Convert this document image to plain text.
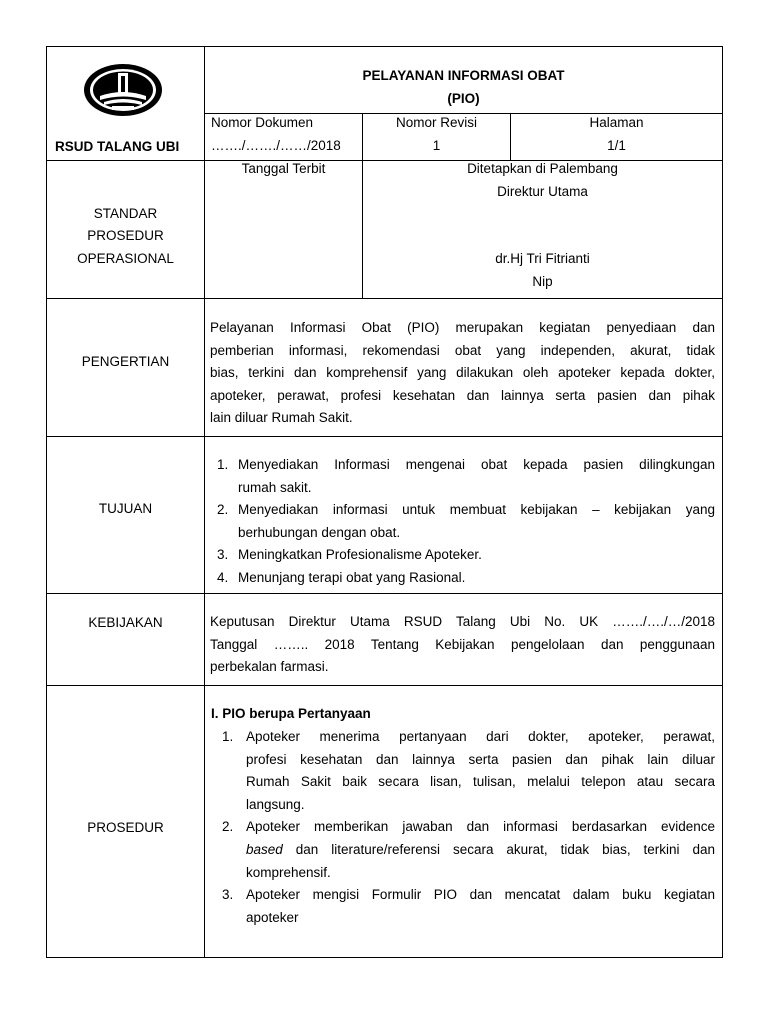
RSUD TALANG UBI
PELAYANAN INFORMASI OBAT
(PIO)
Nomor Dokumen
……./……./……/2018
Nomor Revisi
1
Halaman
1/1
STANDAR
PROSEDUR
OPERASIONAL
Tanggal Terbit	Ditetapkan di Palembang
Direktur Utama
dr.Hj Tri Fitrianti
Nip
PENGERTIAN
Pelayanan Informasi Obat (PIO) merupakan kegiatan penyediaan dan
pemberian informasi, rekomendasi obat yang independen, akurat, tidak
bias, terkini dan komprehensif yang dilakukan oleh apoteker kepada dokter,
apoteker, perawat, profesi kesehatan dan lainnya serta pasien dan pihak
lain diluar Rumah Sakit.
TUJUAN
1. Menyediakan Informasi mengenai obat kepada pasien dilingkungan
rumah sakit.
2. Menyediakan informasi untuk membuat kebijakan – kebijakan yang
berhubungan dengan obat.
3. Meningkatkan Profesionalisme Apoteker.
4. Menunjang terapi obat yang Rasional.
KEBIJAKAN	Keputusan Direktur Utama RSUD Talang Ubi No. UK ……./…./…/2018
Tanggal …….. 2018 Tentang Kebijakan pengelolaan dan penggunaan
perbekalan farmasi.
PROSEDUR
I. PIO berupa Pertanyaan
1. Apoteker menerima pertanyaan dari dokter, apoteker, perawat,
profesi kesehatan dan lainnya serta pasien dan pihak lain diluar
Rumah Sakit baik secara lisan, tulisan, melalui telepon atau secara
langsung.
2. Apoteker memberikan jawaban dan informasi berdasarkan evidence
based dan literature/referensi secara akurat, tidak bias, terkini dan
komprehensif.
3. Apoteker mengisi Formulir PIO dan mencatat dalam buku kegiatan
apoteker
